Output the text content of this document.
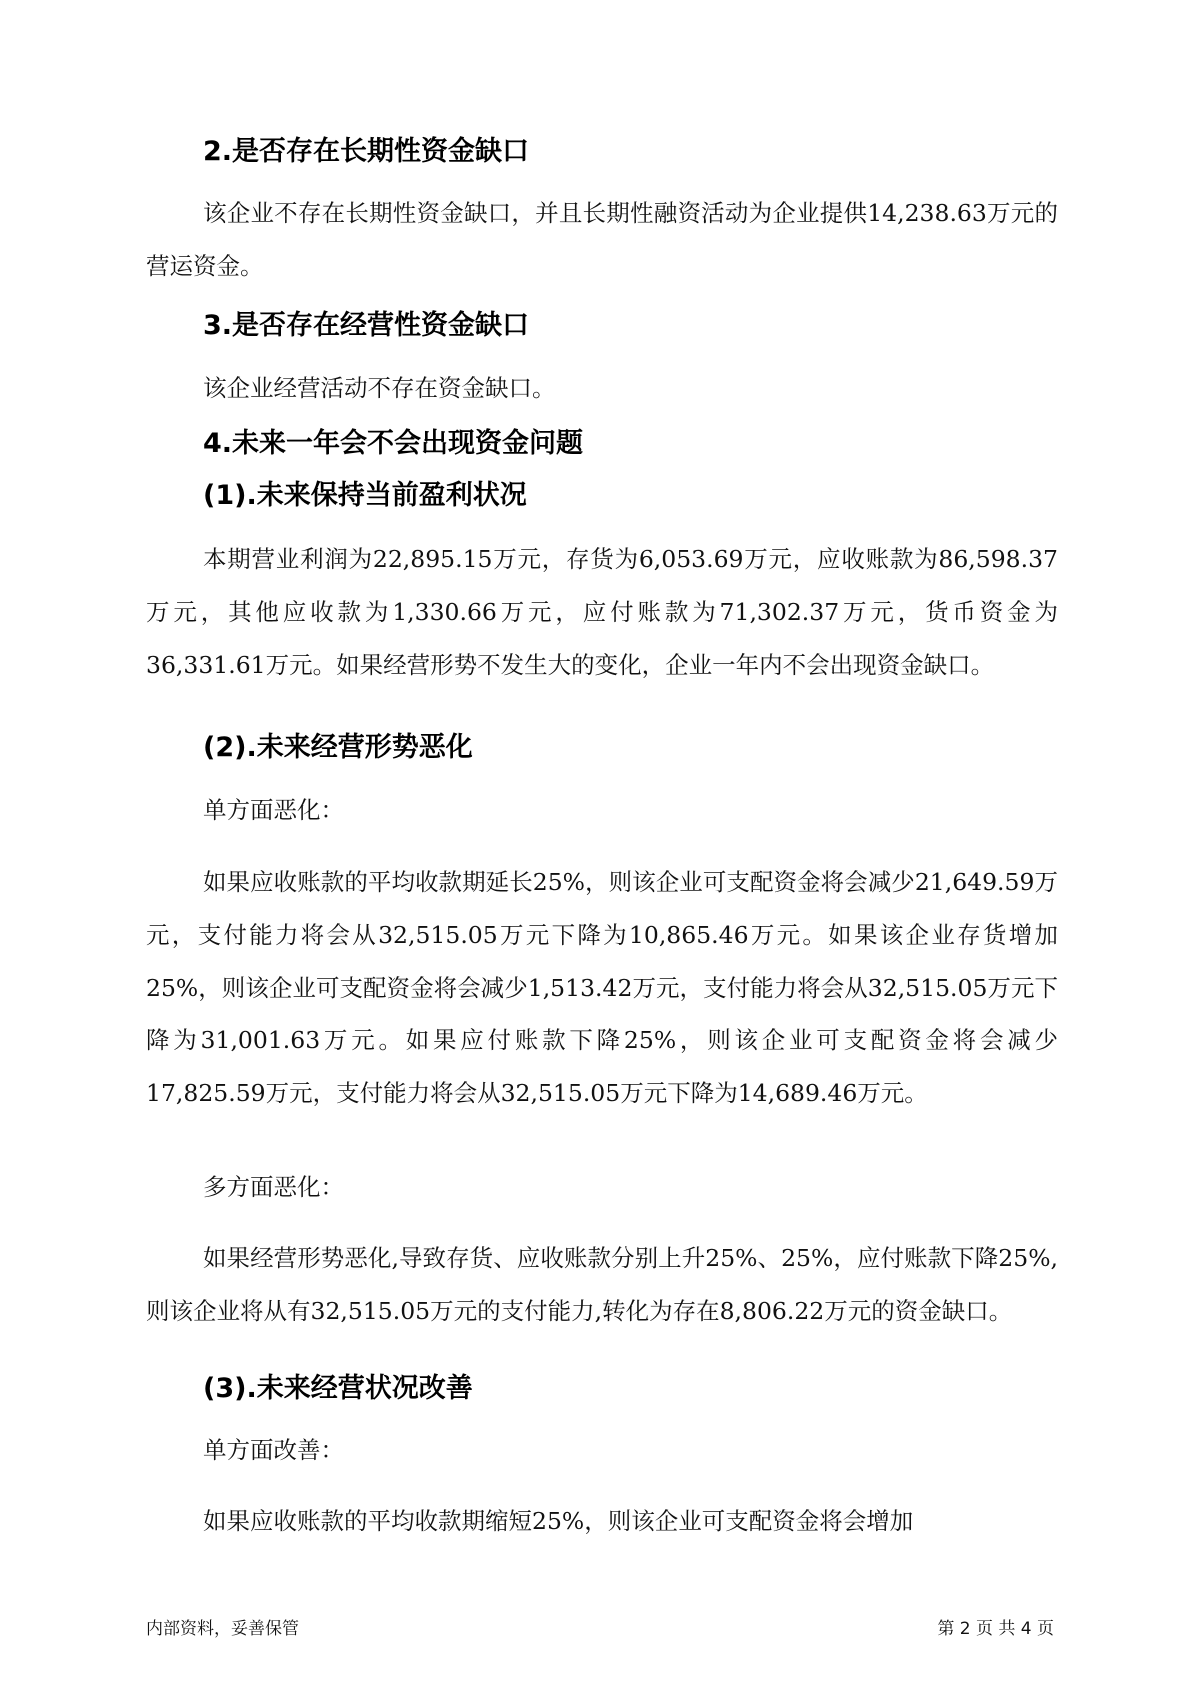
2.是否存在长期性资金缺口

该企业不存在长期性资金缺口，并且长期性融资活动为企业提供14,238.63万元的营运资金。

3.是否存在经营性资金缺口

该企业经营活动不存在资金缺口。

4.未来一年会不会出现资金问题
(1).未来保持当前盈利状况

本期营业利润为22,895.15万元，存货为6,053.69万元，应收账款为86,598.37万元，其他应收款为1,330.66万元，应付账款为71,302.37万元，货币资金为36,331.61万元。如果经营形势不发生大的变化，企业一年内不会出现资金缺口。

(2).未来经营形势恶化

单方面恶化：

如果应收账款的平均收款期延长25%，则该企业可支配资金将会减少21,649.59万元，支付能力将会从32,515.05万元下降为10,865.46万元。如果该企业存货增加25%，则该企业可支配资金将会减少1,513.42万元，支付能力将会从32,515.05万元下降为31,001.63万元。如果应付账款下降25%，则该企业可支配资金将会减少17,825.59万元，支付能力将会从32,515.05万元下降为14,689.46万元。

多方面恶化：

如果经营形势恶化,导致存货、应收账款分别上升25%、25%，应付账款下降25%,则该企业将从有32,515.05万元的支付能力,转化为存在8,806.22万元的资金缺口。

(3).未来经营状况改善

单方面改善：

如果应收账款的平均收款期缩短25%，则该企业可支配资金将会增加

内部资料，妥善保管	第 2 页 共 4 页
